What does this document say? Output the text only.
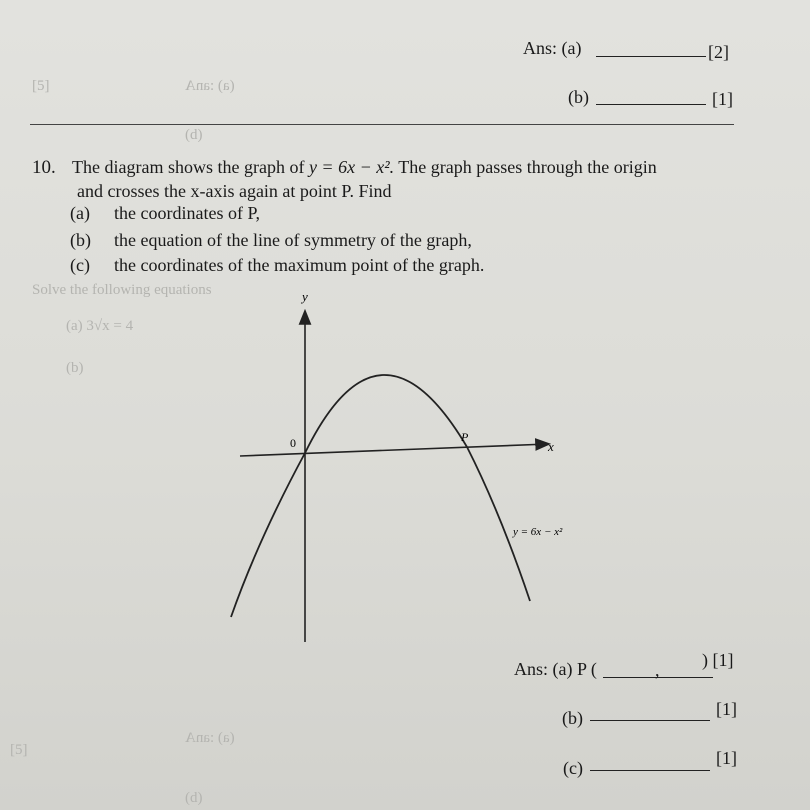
[5]	(a) :anA
(d)
Solve the following equations
(a) 3√x = 4
(b)
[5]
(a) :anA
(d)
Ans: (a)	[2]
(b)	[1]
10. The diagram shows the graph of y = 6x − x². The graph passes through the origin
and crosses the x-axis again at point P. Find
(a) the coordinates of P,
(b) the equation of the line of symmetry of the graph,
(c) the coordinates of the maximum point of the graph.
y
x
0	P
y = 6x − x²
Ans: (a) P (	, ) [1]
(b)	[1]
(c)	[1]
